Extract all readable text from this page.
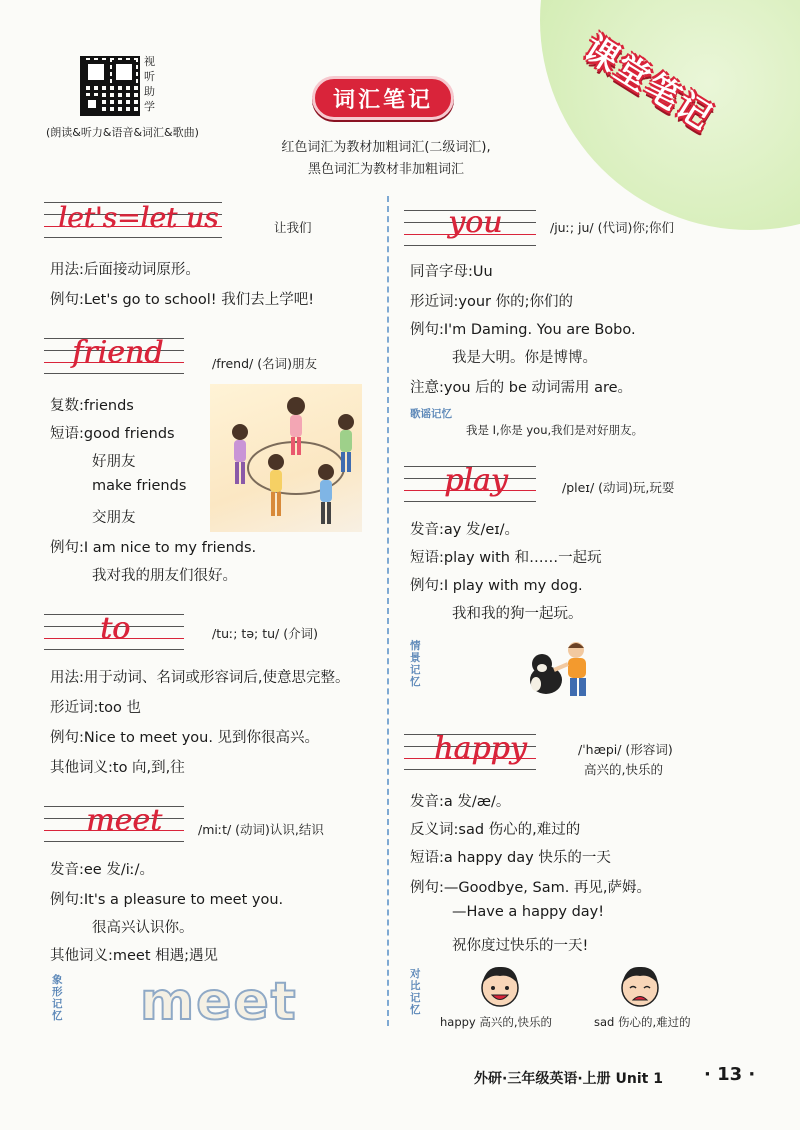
视
听
助
学
(朗读&听力&语音&词汇&歌曲)
词汇笔记
红色词汇为教材加粗词汇(二级词汇),
黑色词汇为教材非加粗词汇
课堂笔记
let's=let us	让我们
用法:后面接动词原形。
例句:Let's go to school! 我们去上学吧!
friend	/frend/ (名词)朋友
复数:friends
短语:good friends
好朋友
make friends
交朋友
例句:I am nice to my friends.
我对我的朋友们很好。
to	/tuː; tə; tu/ (介词)
用法:用于动词、名词或形容词后,使意思完整。
形近词:too 也
例句:Nice to meet you. 见到你很高兴。
其他词义:to 向,到,往
meet	/miːt/ (动词)认识,结识
发音:ee 发/iː/。
例句:It's a pleasure to meet you.
很高兴认识你。
其他词义:meet 相遇;遇见
象形记忆 meet
you	/juː; ju/ (代词)你;你们
同音字母:Uu
形近词:your 你的;你们的
例句:I'm Daming. You are Bobo.
我是大明。你是博博。
注意:you 后的 be 动词需用 are。
歌谣记忆
我是 I,你是 you,我们是对好朋友。
play	/pleɪ/ (动词)玩,玩耍
发音:ay 发/eɪ/。
短语:play with 和……一起玩
例句:I play with my dog.
我和我的狗一起玩。
情景记忆
happy	/ˈhæpi/ (形容词)
高兴的,快乐的
发音:a 发/æ/。
反义词:sad 伤心的,难过的
短语:a happy day 快乐的一天
例句:—Goodbye, Sam. 再见,萨姆。
—Have a happy day!
祝你度过快乐的一天!
对比记忆
happy 高兴的,快乐的	sad 伤心的,难过的
外研·三年级英语·上册 Unit 1 · 13 ·
